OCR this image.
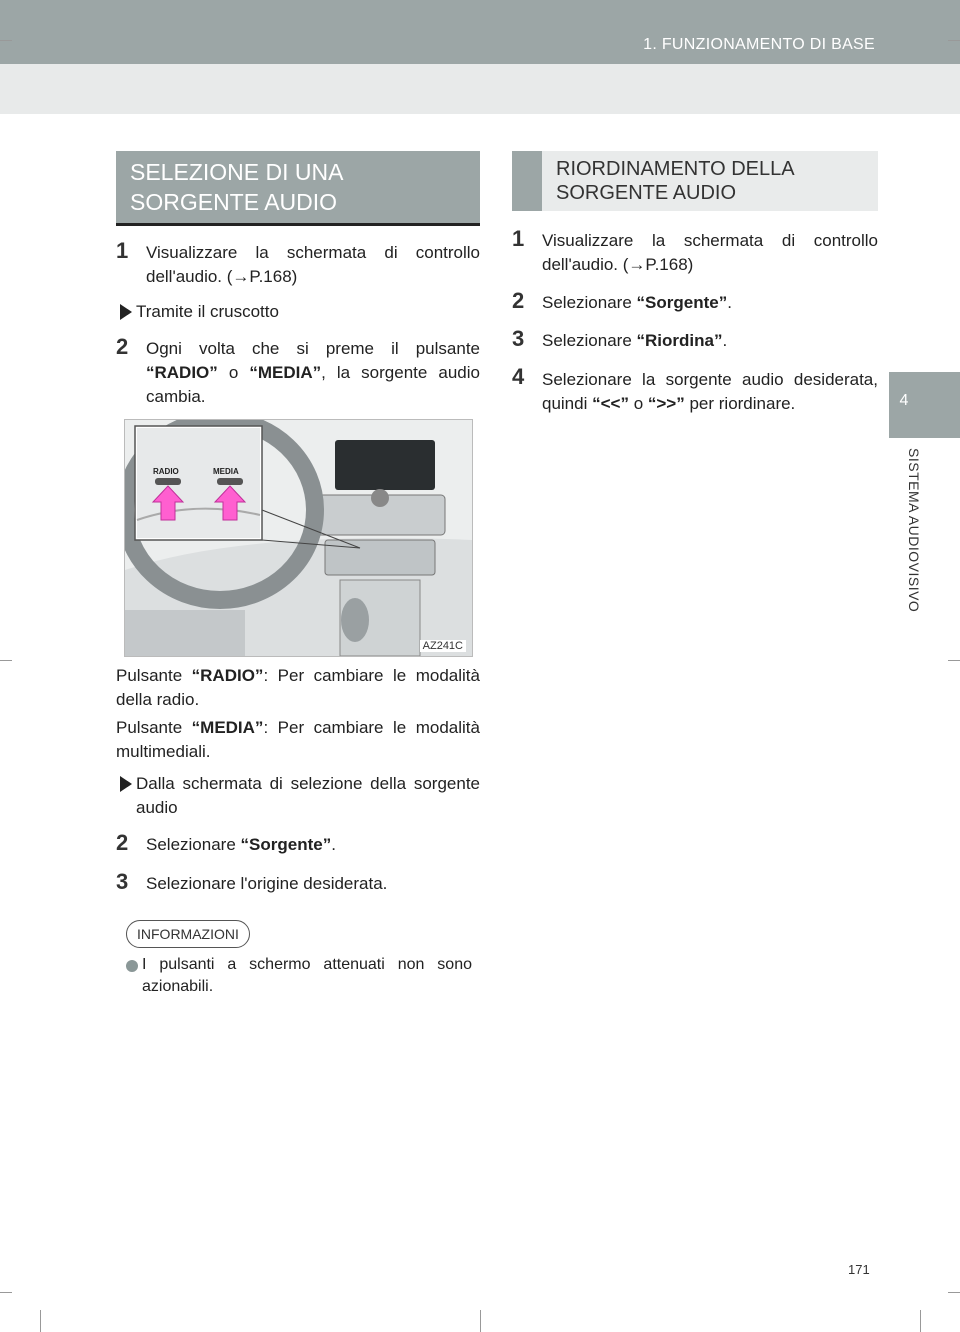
1. FUNZIONAMENTO DI BASE
4
SISTEMA AUDIOVISIVO
SELEZIONE DI UNA
SORGENTE AUDIO
1 Visualizzare la schermata di controllo dell'audio. (→P.168)
Tramite il cruscotto
2 Ogni volta che si preme il pulsante “RADIO” o “MEDIA”, la sorgente audio cambia.
RADIO	MEDIA
AZ241C
Pulsante “RADIO”: Per cambiare le modalità della radio.
Pulsante “MEDIA”: Per cambiare le modalità multimediali.
Dalla schermata di selezione della sorgente audio
2 Selezionare “Sorgente”.
3 Selezionare l'origine desiderata.
INFORMAZIONI
I pulsanti a schermo attenuati non sono azionabili.
RIORDINAMENTO DELLA
SORGENTE AUDIO
1 Visualizzare la schermata di controllo dell'audio. (→P.168)
2 Selezionare “Sorgente”.
3 Selezionare “Riordina”.
4 Selezionare la sorgente audio desiderata, quindi “<<” o “>>” per riordinare.
171
